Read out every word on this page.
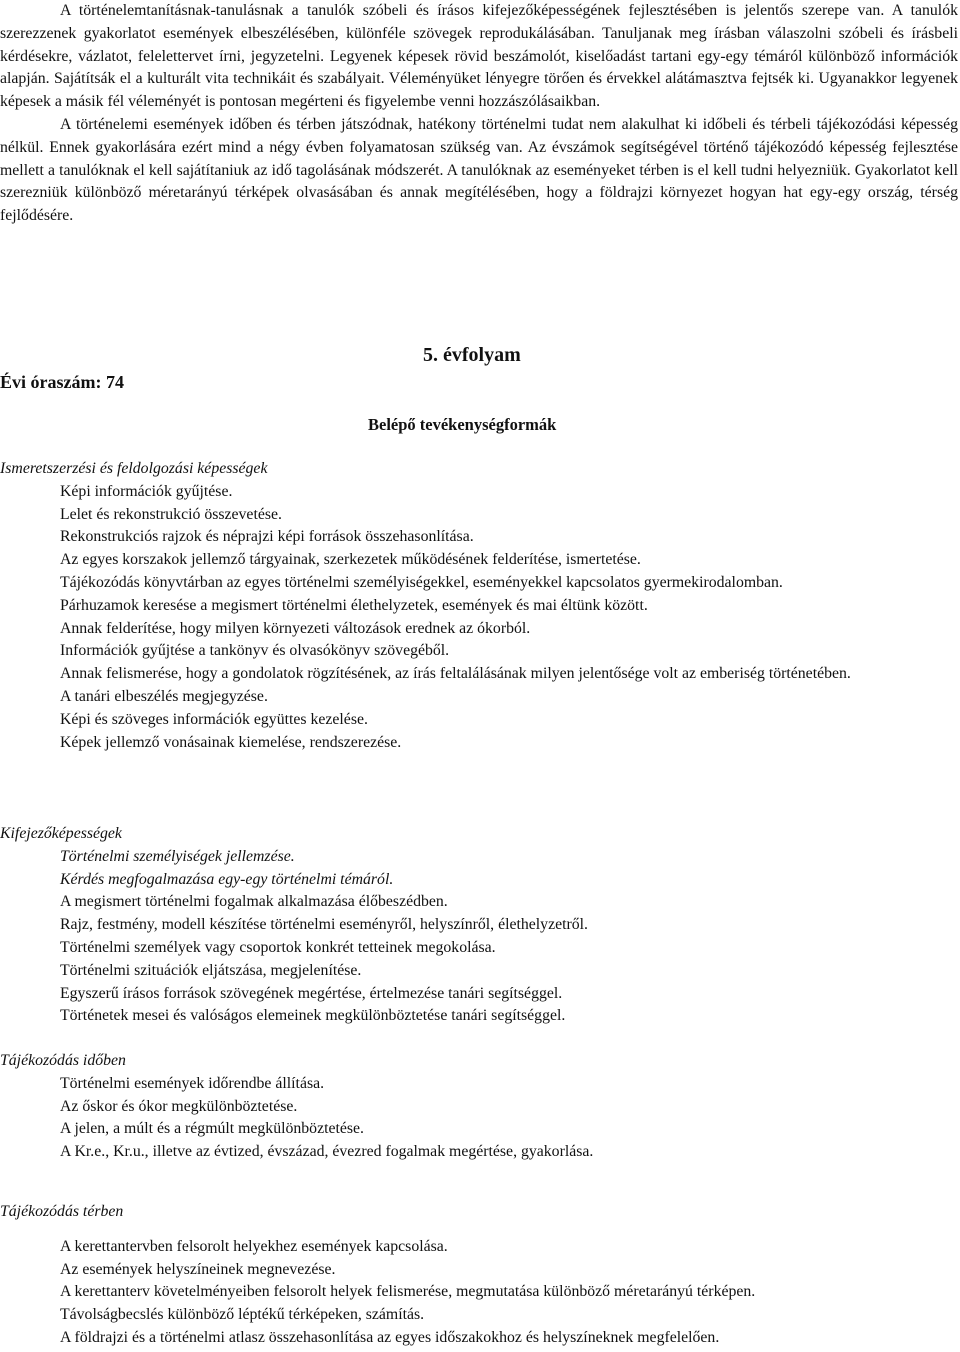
A történelemtanításnak-tanulásnak a tanulók szóbeli és írásos kifejezőképességének fejlesztésében is jelentős szerepe van. A tanulók szerezzenek gyakorlatot események elbeszélésében, különféle szövegek reprodukálásában. Tanuljanak meg írásban válaszolni szóbeli és írásbeli kérdésekre, vázlatot, felelettervet írni, jegyzetelni. Legyenek képesek rövid beszámolót, kiselőadást tartani egy-egy témáról különböző információk alapján. Sajátítsák el a kulturált vita technikáit és szabályait. Véleményüket lényegre törően és érvekkel alátámasztva fejtsék ki. Ugyanakkor legyenek képesek a másik fél véleményét is pontosan megérteni és figyelembe venni hozzászólásaikban.

A történelemi események időben és térben játszódnak, hatékony történelmi tudat nem alakulhat ki időbeli és térbeli tájékozódási képesség nélkül. Ennek gyakorlására ezért mind a négy évben folyamatosan szükség van. Az évszámok segítségével történő tájékozódó képesség fejlesztése mellett a tanulóknak el kell sajátítaniuk az idő tagolásának módszerét. A tanulóknak az eseményeket térben is el kell tudni helyezniük. Gyakorlatot kell szerezniük különböző méretarányú térképek olvasásában és annak megítélésében, hogy a földrajzi környezet hogyan hat egy-egy ország, térség fejlődésére.

5. évfolyam
Évi óraszám: 74
Belépő tevékenységformák

Ismeretszerzési és feldolgozási képességek

Képi információk gyűjtése.
Lelet és rekonstrukció összevetése.
Rekonstrukciós rajzok és néprajzi képi források összehasonlítása.
Az egyes korszakok jellemző tárgyainak, szerkezetek működésének felderítése, ismertetése.
Tájékozódás könyvtárban az egyes történelmi személyiségekkel, eseményekkel kapcsolatos gyermekirodalomban.
Párhuzamok keresése a megismert történelmi élethelyzetek, események és mai éltünk között.
Annak felderítése, hogy milyen környezeti változások erednek az ókorból.
Információk gyűjtése a tankönyv és olvasókönyv szövegéből.
Annak felismerése, hogy a gondolatok rögzítésének, az írás feltalálásának milyen jelentősége volt az emberiség történetében.
A tanári elbeszélés megjegyzése.
Képi és szöveges információk együttes kezelése.
Képek jellemző vonásainak kiemelése, rendszerezése.

Kifejezőképességek

Történelmi személyiségek jellemzése.
Kérdés megfogalmazása egy-egy történelmi témáról.
A megismert történelmi fogalmak alkalmazása élőbeszédben.
Rajz, festmény, modell készítése történelmi eseményről, helyszínről, élethelyzetről.
Történelmi személyek vagy csoportok konkrét tetteinek megokolása.
Történelmi szituációk eljátszása, megjelenítése.
Egyszerű írásos források szövegének megértése, értelmezése tanári segítséggel.
Történetek mesei és valóságos elemeinek megkülönböztetése tanári segítséggel.

Tájékozódás időben

Történelmi események időrendbe állítása.
Az őskor és ókor megkülönböztetése.
A jelen, a múlt és a régmúlt megkülönböztetése.
A Kr.e., Kr.u., illetve az évtized, évszázad, évezred fogalmak megértése, gyakorlása.

Tájékozódás térben

A kerettantervben felsorolt helyekhez események kapcsolása.
Az események helyszíneinek megnevezése.
A kerettanterv követelményeiben felsorolt helyek felismerése, megmutatása különböző méretarányú térképen.
Távolságbecslés különböző léptékű térképeken, számítás.
A földrajzi és a történelmi atlasz összehasonlítása az egyes időszakokhoz és helyszíneknek megfelelően.
